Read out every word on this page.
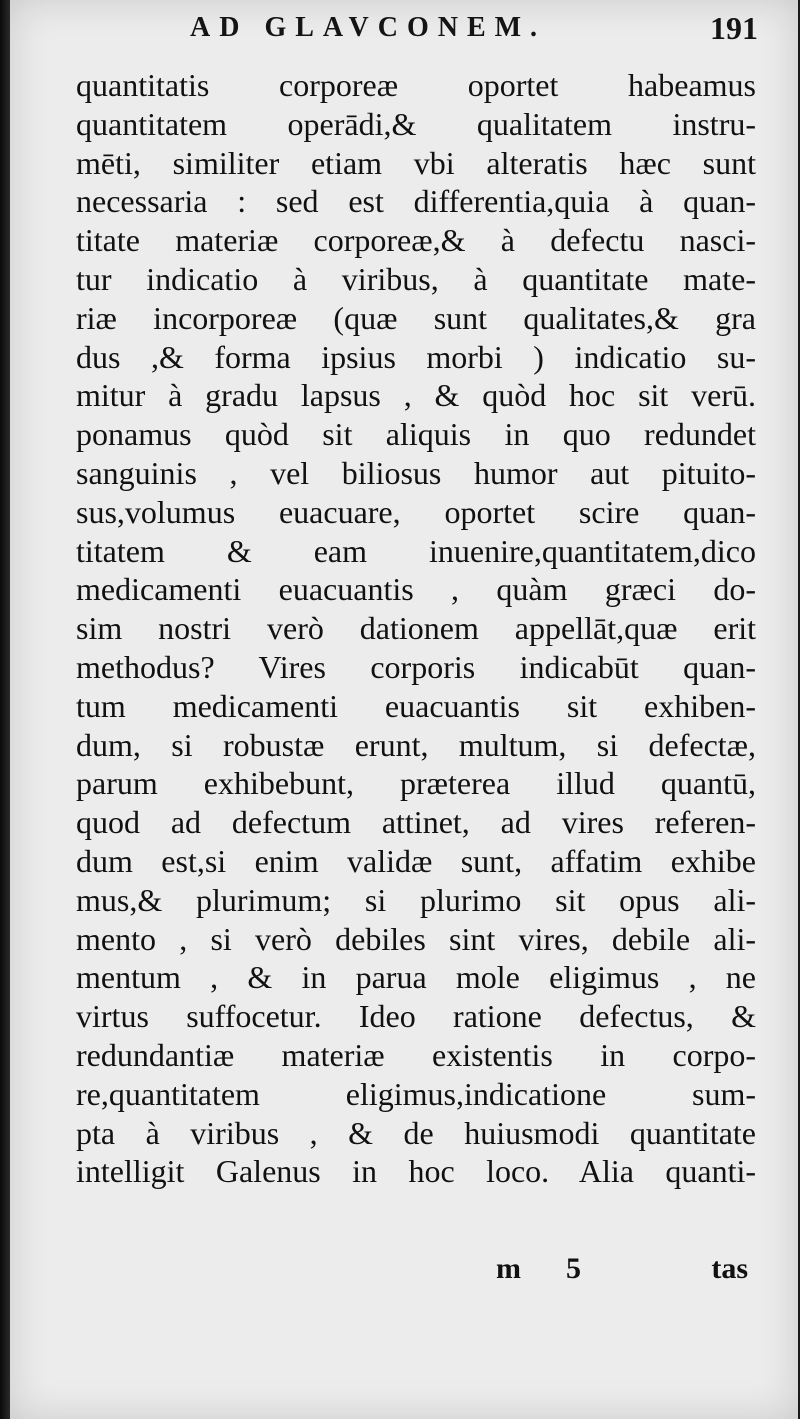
AD GLAVCONEM.	191
quantitatis corporeæ oportet habeamus
quantitatem operādi,& qualitatem instru-
mēti, similiter etiam vbi alteratis hæc sunt
necessaria : sed est differentia,quia à quan-
titate materiæ corporeæ,& à defectu nasci-
tur indicatio à viribus, à quantitate mate-
riæ incorporeæ (quæ sunt qualitates,& gra
dus ,& forma ipsius morbi ) indicatio su-
mitur à gradu lapsus , & quòd hoc sit verū.
ponamus quòd sit aliquis in quo redundet
sanguinis , vel biliosus humor aut pituito-
sus,volumus euacuare, oportet scire quan-
titatem & eam inuenire,quantitatem,dico
medicamenti euacuantis , quàm græci do-
sim nostri verò dationem appellāt,quæ erit
methodus? Vires corporis indicabūt quan-
tum medicamenti euacuantis sit exhiben-
dum, si robustæ erunt, multum, si defectæ,
parum exhibebunt, præterea illud quantū,
quod ad defectum attinet, ad vires referen-
dum est,si enim validæ sunt, affatim exhibe
mus,& plurimum; si plurimo sit opus ali-
mento , si verò debiles sint vires, debile ali-
mentum , & in parua mole eligimus , ne
virtus suffocetur. Ideo ratione defectus, &
redundantiæ materiæ existentis in corpo-
re,quantitatem eligimus,indicatione sum-
pta à viribus , & de huiusmodi quantitate
intelligit Galenus in hoc loco. Alia quanti-
m 5	tas
